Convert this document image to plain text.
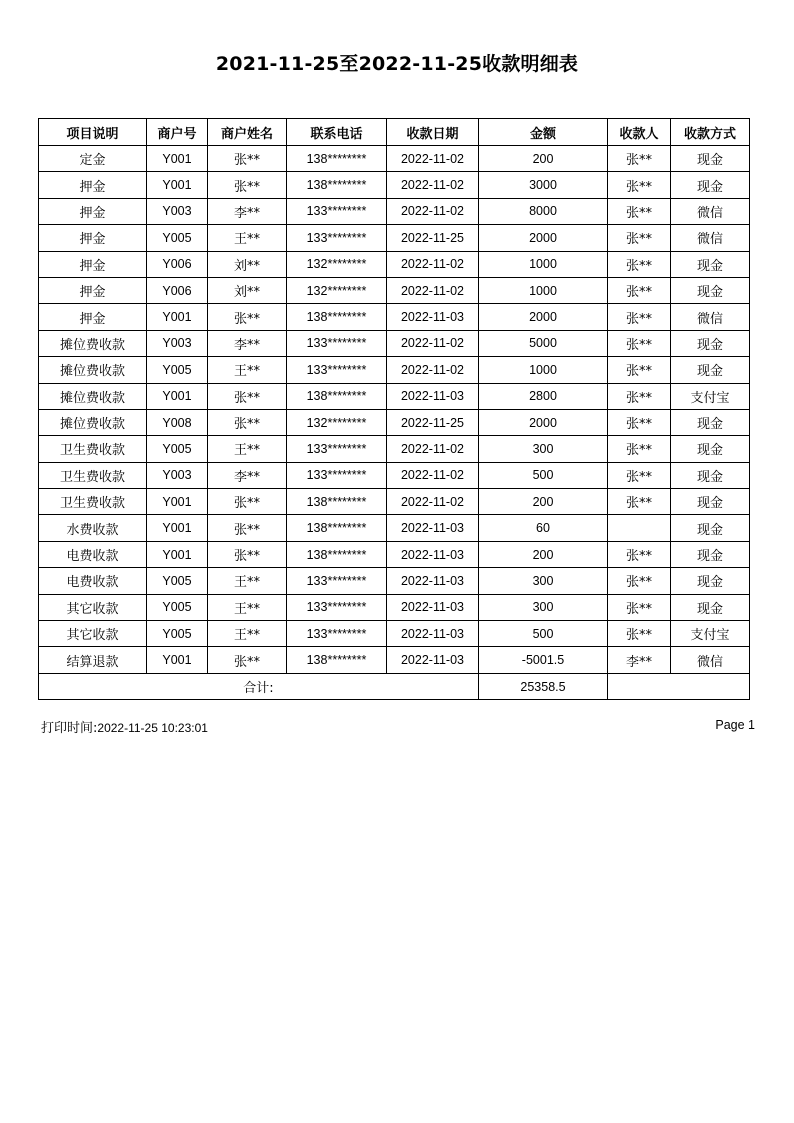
2021-11-25至2022-11-25收款明细表
项目说明	商户号	商户姓名	联系电话	收款日期	金额	收款人	收款方式
定金	Y001	张**	138********	2022-11-02	200	张**	现金
押金	Y001	张**	138********	2022-11-02	3000	张**	现金
押金	Y003	李**	133********	2022-11-02	8000	张**	微信
押金	Y005	王**	133********	2022-11-25	2000	张**	微信
押金	Y006	刘**	132********	2022-11-02	1000	张**	现金
押金	Y006	刘**	132********	2022-11-02	1000	张**	现金
押金	Y001	张**	138********	2022-11-03	2000	张**	微信
摊位费收款	Y003	李**	133********	2022-11-02	5000	张**	现金
摊位费收款	Y005	王**	133********	2022-11-02	1000	张**	现金
摊位费收款	Y001	张**	138********	2022-11-03	2800	张**	支付宝
摊位费收款	Y008	张**	132********	2022-11-25	2000	张**	现金
卫生费收款	Y005	王**	133********	2022-11-02	300	张**	现金
卫生费收款	Y003	李**	133********	2022-11-02	500	张**	现金
卫生费收款	Y001	张**	138********	2022-11-02	200	张**	现金
水费收款	Y001	张**	138********	2022-11-03	60		现金
电费收款	Y001	张**	138********	2022-11-03	200	张**	现金
电费收款	Y005	王**	133********	2022-11-03	300	张**	现金
其它收款	Y005	王**	133********	2022-11-03	300	张**	现金
其它收款	Y005	王**	133********	2022-11-03	500	张**	支付宝
结算退款	Y001	张**	138********	2022-11-03	-5001.5	李**	微信
合计:					25358.5		
打印时间:2022-11-25 10:23:01	Page 1
